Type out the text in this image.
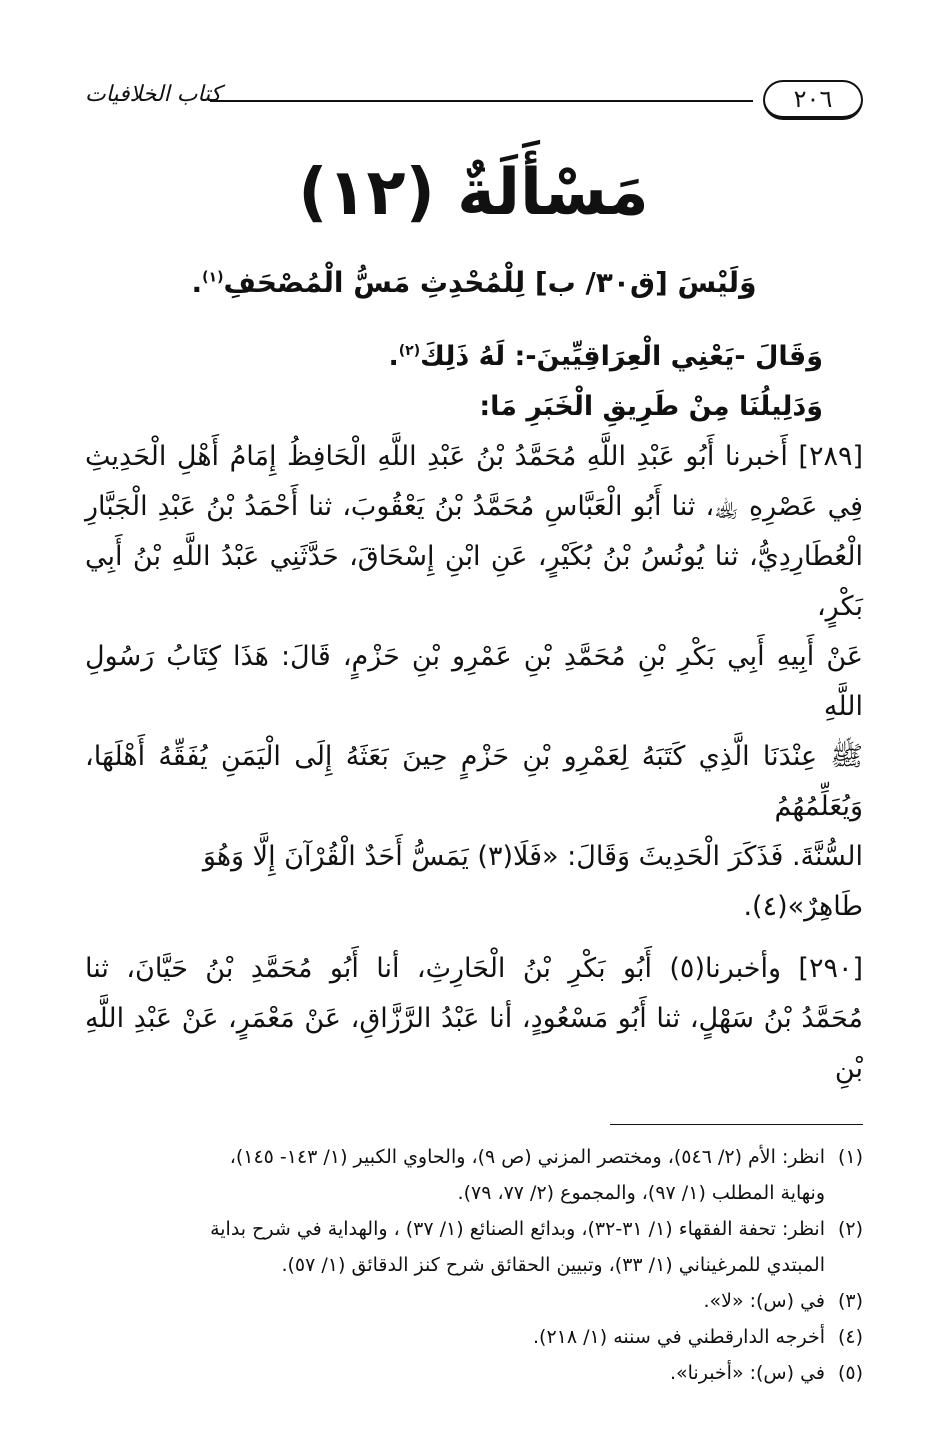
كتاب الخلافيات	٢٠٦
مَسْأَلَةٌ (١٢)
وَلَيْسَ [ق٣٠/ ب] لِلْمُحْدِثِ مَسُّ الْمُصْحَفِ$^{(١)}$.
وَقَالَ -يَعْنِي الْعِرَاقِيِّينَ-: لَهُ ذَلِكَ$^{(٢)}$.
وَدَلِيلُنَا مِنْ طَرِيقِ الْخَبَرِ مَا:
[٢٨٩] أَخبرنا أَبُو عَبْدِ اللَّهِ مُحَمَّدُ بْنُ عَبْدِ اللَّهِ الْحَافِظُ إِمَامُ أَهْلِ الْحَدِيثِ
فِي عَصْرِهِ ﵀، ثنا أَبُو الْعَبَّاسِ مُحَمَّدُ بْنُ يَعْقُوبَ، ثنا أَحْمَدُ بْنُ عَبْدِ الْجَبَّارِ
الْعُطَارِدِيُّ، ثنا يُونُسُ بْنُ بُكَيْرٍ، عَنِ ابْنِ إِسْحَاقَ، حَدَّثَنِي عَبْدُ اللَّهِ بْنُ أَبِي بَكْرٍ،
عَنْ أَبِيهِ أَبِي بَكْرِ بْنِ مُحَمَّدِ بْنِ عَمْرِو بْنِ حَزْمٍ، قَالَ: هَذَا كِتَابُ رَسُولِ اللَّهِ
ﷺ عِنْدَنَا الَّذِي كَتَبَهُ لِعَمْرِو بْنِ حَزْمٍ حِينَ بَعَثَهُ إِلَى الْيَمَنِ يُفَقِّهُ أَهْلَهَا، وَيُعَلِّمُهُمُ
السُّنَّةَ. فَذَكَرَ الْحَدِيثَ وَقَالَ: «فَلَا(٣) يَمَسُّ أَحَدٌ الْقُرْآنَ إِلَّا وَهُوَ طَاهِرٌ»(٤).
[٢٩٠] وأخبرنا(٥) أَبُو بَكْرِ بْنُ الْحَارِثِ، أنا أَبُو مُحَمَّدِ بْنُ حَيَّانَ، ثنا
مُحَمَّدُ بْنُ سَهْلٍ، ثنا أَبُو مَسْعُودٍ، أنا عَبْدُ الرَّزَّاقِ، عَنْ مَعْمَرٍ، عَنْ عَبْدِ اللَّهِ بْنِ
(١)انظر: الأم (٢/ ٥٤٦)، ومختصر المزني (ص ٩)، والحاوي الكبير (١/ ١٤٣- ١٤٥)،
ونهاية المطلب (١/ ٩٧)، والمجموع (٢/ ٧٧، ٧٩).
(٢)انظر: تحفة الفقهاء (١/ ٣١-٣٢)، وبدائع الصنائع (١/ ٣٧) ، والهداية في شرح بداية
المبتدي للمرغيناني (١/ ٣٣)، وتبيين الحقائق شرح كنز الدقائق (١/ ٥٧).
(٣)في (س): «لا».
(٤)أخرجه الدارقطني في سننه (١/ ٢١٨).
(٥)في (س): «أخبرنا».
